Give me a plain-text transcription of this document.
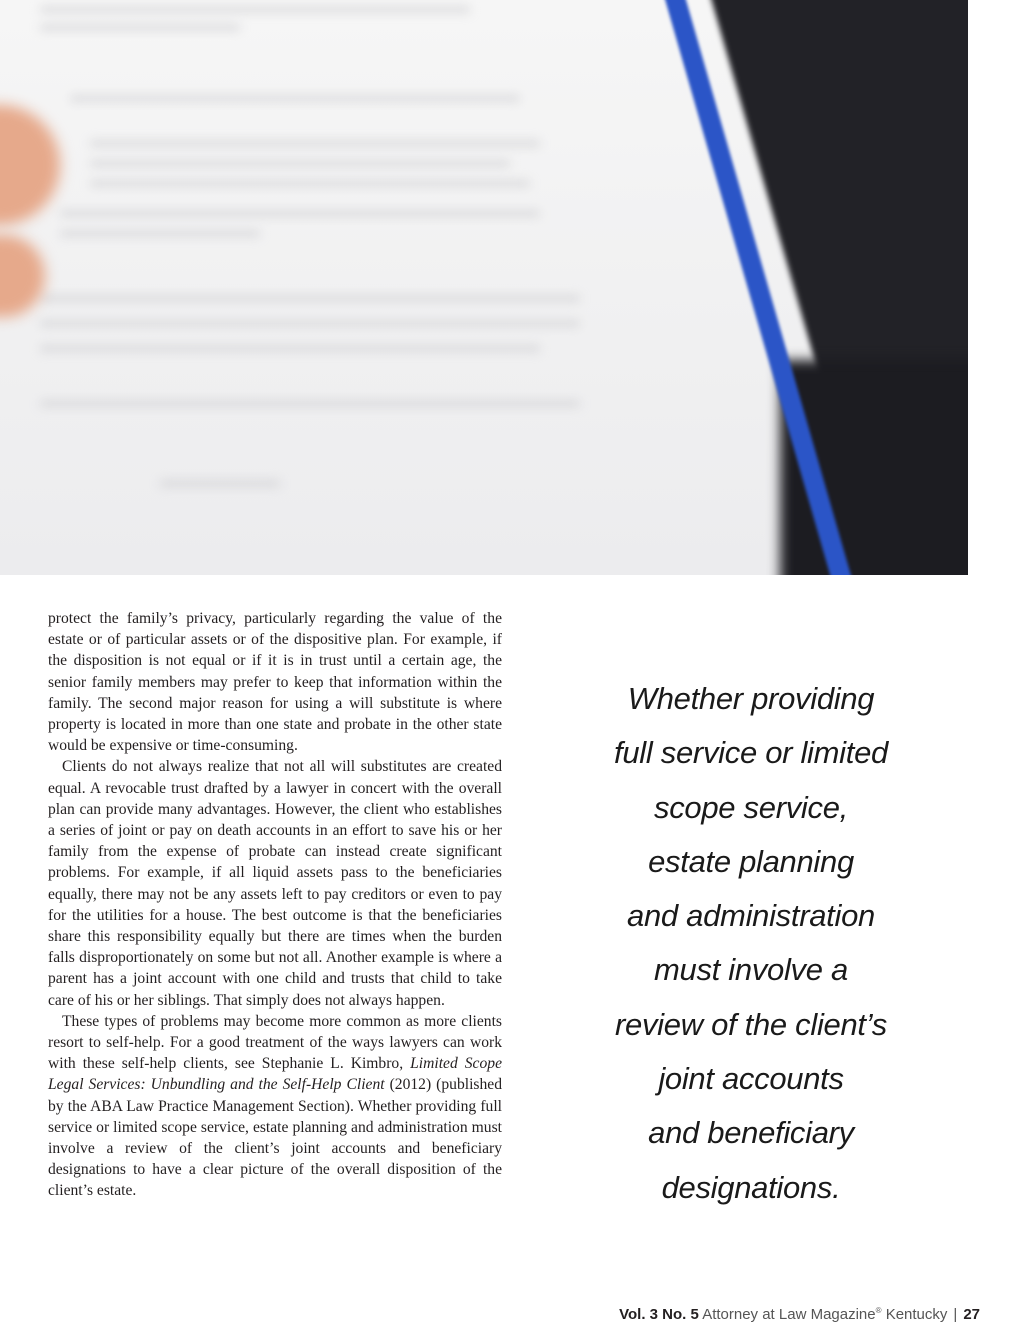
protect the family’s privacy, particularly regarding the value of the estate or of particular assets or of the dispositive plan. For example, if the disposition is not equal or if it is in trust until a certain age, the senior family members may prefer to keep that information within the family. The second major reason for using a will substitute is where property is located in more than one state and probate in the other state would be expensive or time-consuming.

Clients do not always realize that not all will substitutes are created equal. A revocable trust drafted by a lawyer in concert with the overall plan can provide many advantages. However, the client who establishes a series of joint or pay on death accounts in an effort to save his or her family from the expense of probate can instead create significant problems. For example, if all liquid assets pass to the beneficiaries equally, there may not be any assets left to pay creditors or even to pay for the utilities for a house. The best outcome is that the beneficiaries share this responsibility equally but there are times when the burden falls disproportionately on some but not all. Another example is where a parent has a joint account with one child and trusts that child to take care of his or her siblings. That simply does not always happen.

These types of problems may become more common as more clients resort to self-help. For a good treatment of the ways lawyers can work with these self-help clients, see Stephanie L. Kimbro, Limited Scope Legal Services: Unbundling and the Self-Help Client (2012) (published by the ABA Law Practice Management Section). Whether providing full service or limited scope service, estate planning and administration must involve a review of the client’s joint accounts and beneficiary designations to have a clear picture of the overall disposition of the client’s estate.

Whether providing
full service or limited
scope service,
estate planning
and administration
must involve a
review of the client’s
joint accounts
and beneficiary
designations.
Vol. 3 No. 5 Attorney at Law Magazine® Kentucky | 27
